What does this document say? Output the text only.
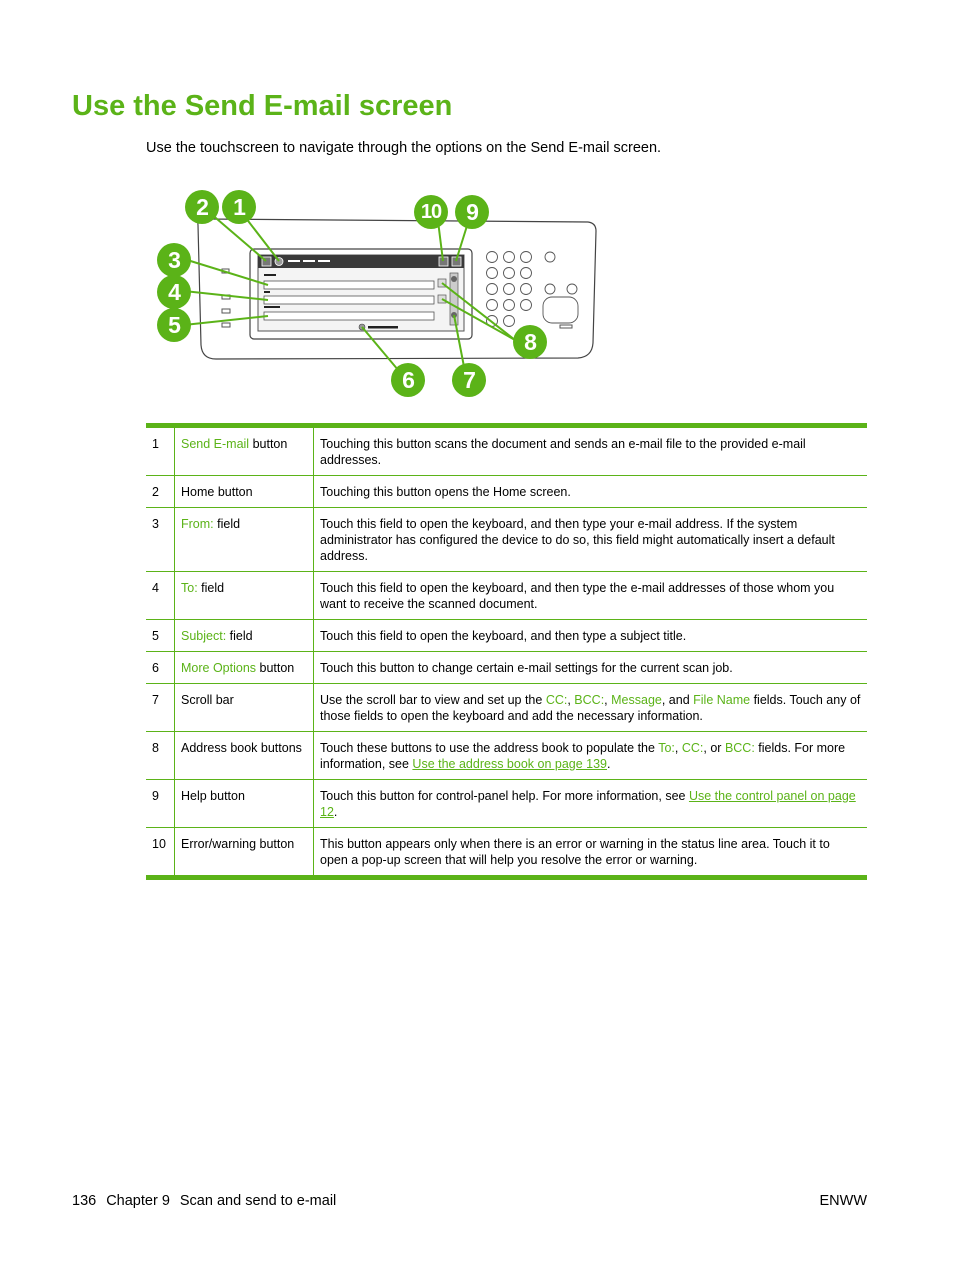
Use the Send E-mail screen
Use the touchscreen to navigate through the options on the Send E-mail screen.
1
2
3
4
5
6	7
8
9
10
1	Send E-mail button	Touching this button scans the document and sends an e-mail file to the provided e-mail addresses.
2	Home button	Touching this button opens the Home screen.
3	From: field	Touch this field to open the keyboard, and then type your e-mail address. If the system administrator has configured the device to do so, this field might automatically insert a default address.
4	To: field	Touch this field to open the keyboard, and then type the e-mail addresses of those whom you want to receive the scanned document.
5	Subject: field	Touch this field to open the keyboard, and then type a subject title.
6	More Options button	Touch this button to change certain e-mail settings for the current scan job.
7	Scroll bar	Use the scroll bar to view and set up the CC:, BCC:, Message, and File Name fields. Touch any of those fields to open the keyboard and add the necessary information.
8	Address book buttons	Touch these buttons to use the address book to populate the To:, CC:, or BCC: fields. For more information, see Use the address book on page 139.
9	Help button	Touch this button for control-panel help. For more information, see Use the control panel on page 12.
10	Error/warning button	This button appears only when there is an error or warning in the status line area. Touch it to open a pop-up screen that will help you resolve the error or warning.
136 Chapter 9 Scan and send to e-mail	ENWW
